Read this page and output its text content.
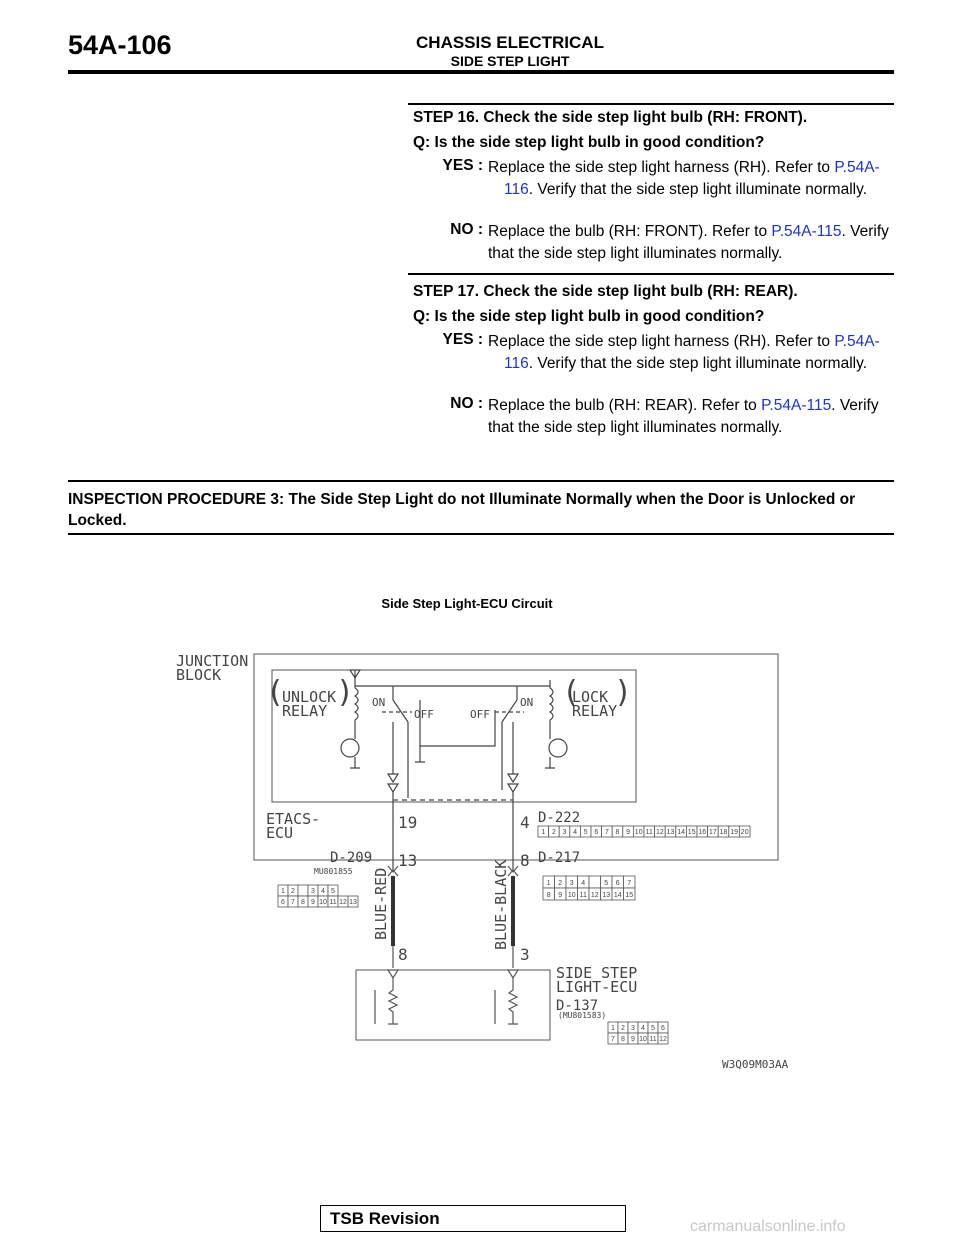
54A-106	CHASSIS ELECTRICAL
SIDE STEP LIGHT
STEP 16. Check the side step light bulb (RH: FRONT).
Q: Is the side step light bulb in good condition?
YES : Replace the side step light harness (RH). Refer to P.54A-116. Verify that the side step light illuminate normally.
NO : Replace the bulb (RH: FRONT). Refer to P.54A-115. Verify that the side step light illuminates normally.
STEP 17. Check the side step light bulb (RH: REAR).
Q: Is the side step light bulb in good condition?
YES : Replace the side step light harness (RH). Refer to P.54A-116. Verify that the side step light illuminate normally.
NO : Replace the bulb (RH: REAR). Refer to P.54A-115. Verify that the side step light illuminates normally.
INSPECTION PROCEDURE 3: The Side Step Light do not Illuminate Normally when the Door is Unlocked or Locked.
Side Step Light-ECU Circuit
JUNCTION
BLOCK (
UNLOCK
RELAY
)	(
LOCK
RELAY
)
ON
OFF	OFF
ON
ETACS-
ECU
19	4 D-222
1 2 3 4 5 6 7 8 9 10 11 12 13 14 15 16 17 18 19 20
D-209
MU801855
1 2 3 4 5
6 7 8 9 10 11 12 13
13	8 D-217
1 2 3 4	5 6 7
8 9 10 11 12 13 14 15
BLUE-RED	BLUE-BLACK
8	3
SIDE STEP
LIGHT-ECU
D-137
(MU801583)
1 2 3 4 5 6
7 8 9 10 11 12
W3Q09M03AA
TSB Revision	carmanualsonline.info
